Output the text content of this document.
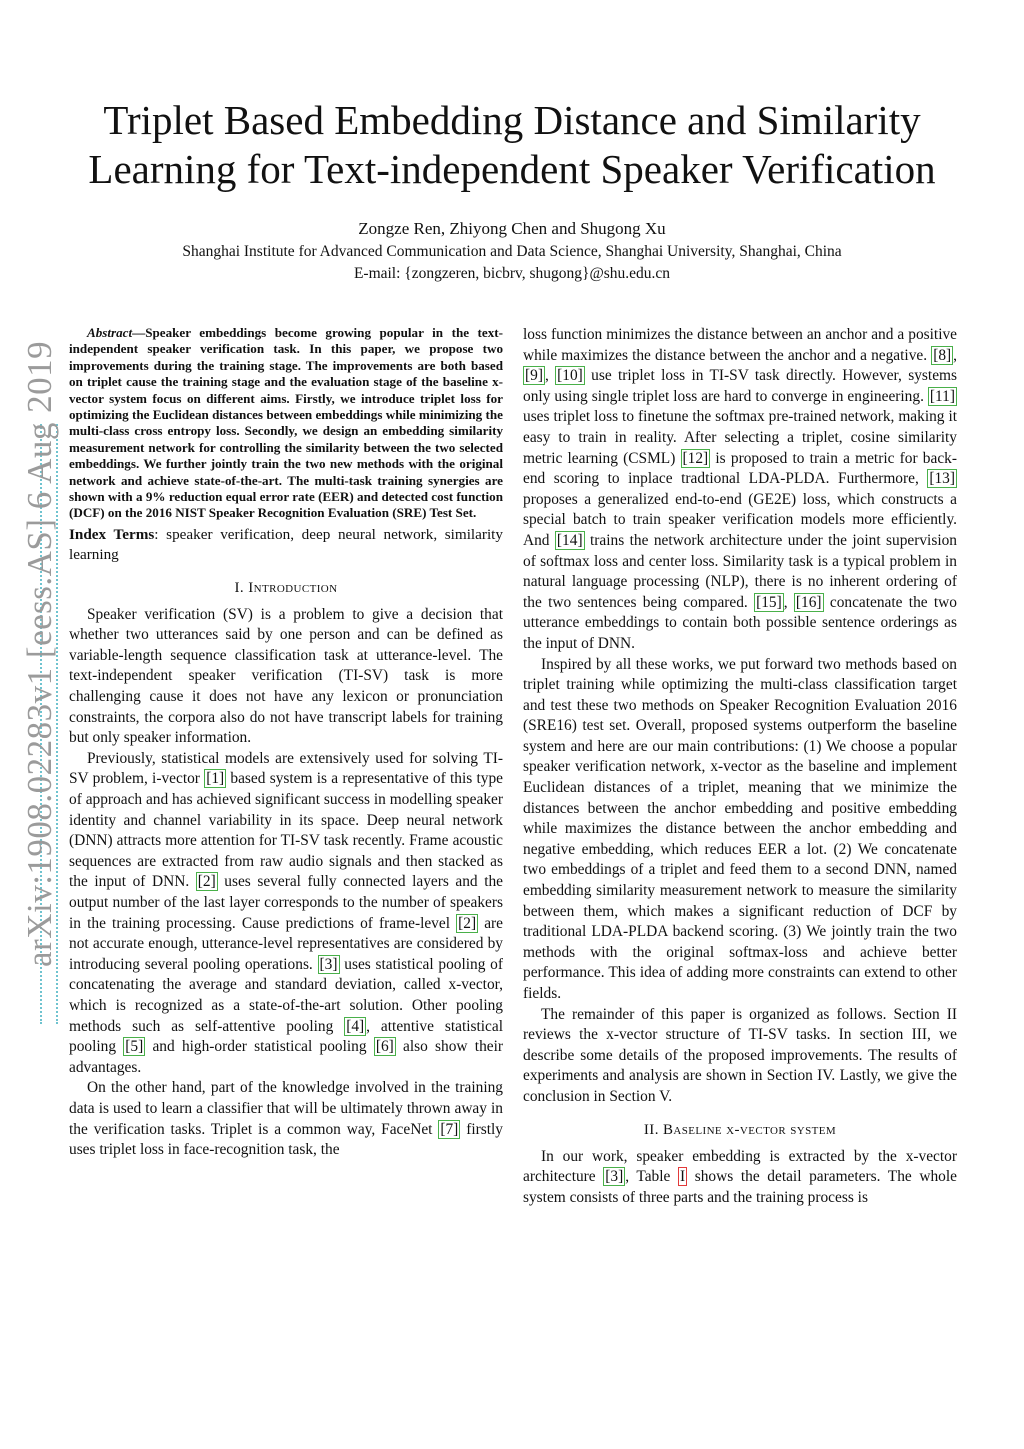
arXiv:1908.02283v1 [eess.AS] 6 Aug 2019
Triplet Based Embedding Distance and Similarity
Learning for Text-independent Speaker Verification
Zongze Ren, Zhiyong Chen and Shugong Xu
Shanghai Institute for Advanced Communication and Data Science, Shanghai University, Shanghai, China
E-mail: {zongzeren, bicbrv, shugong}@shu.edu.cn

Abstract—Speaker embeddings become growing popular in the text-independent speaker verification task. In this paper, we propose two improvements during the training stage. The improvements are both based on triplet cause the training stage and the evaluation stage of the baseline x-vector system focus on different aims. Firstly, we introduce triplet loss for optimizing the Euclidean distances between embeddings while minimizing the multi-class cross entropy loss. Secondly, we design an embedding similarity measurement network for controlling the similarity between the two selected embeddings. We further jointly train the two new methods with the original network and achieve state-of-the-art. The multi-task training synergies are shown with a 9% reduction equal error rate (EER) and detected cost function (DCF) on the 2016 NIST Speaker Recognition Evaluation (SRE) Test Set.

Index Terms: speaker verification, deep neural network, similarity learning

I. Introduction

Speaker verification (SV) is a problem to give a decision that whether two utterances said by one person and can be defined as variable-length sequence classification task at utterance-level. The text-independent speaker verification (TI-SV) task is more challenging cause it does not have any lexicon or pronunciation constraints, the corpora also do not have transcript labels for training but only speaker information.

Previously, statistical models are extensively used for solving TI-SV problem, i-vector [1] based system is a representative of this type of approach and has achieved significant success in modelling speaker identity and channel variability in its space. Deep neural network (DNN) attracts more attention for TI-SV task recently. Frame acoustic sequences are extracted from raw audio signals and then stacked as the input of DNN. [2] uses several fully connected layers and the output number of the last layer corresponds to the number of speakers in the training processing. Cause predictions of frame-level [2] are not accurate enough, utterance-level representatives are considered by introducing several pooling operations. [3] uses statistical pooling of concatenating the average and standard deviation, called x-vector, which is recognized as a state-of-the-art solution. Other pooling methods such as self-attentive pooling [4] , attentive statistical pooling [5] and high-order statistical pooling [6] also show their advantages.

On the other hand, part of the knowledge involved in the training data is used to learn a classifier that will be ultimately thrown away in the verification tasks. Triplet is a common way, FaceNet [7] firstly uses triplet loss in face-recognition task, the

loss function minimizes the distance between an anchor and a positive while maximizes the distance between the anchor and a negative. [8] , [9] , [10] use triplet loss in TI-SV task directly. However, systems only using single triplet loss are hard to converge in engineering. [11] uses triplet loss to finetune the softmax pre-trained network, making it easy to train in reality. After selecting a triplet, cosine similarity metric learning (CSML) [12] is proposed to train a metric for back-end scoring to inplace tradtional LDA-PLDA. Furthermore, [13] proposes a generalized end-to-end (GE2E) loss, which constructs a special batch to train speaker verification models more efficiently. And [14] trains the network architecture under the joint supervision of softmax loss and center loss. Similarity task is a typical problem in natural language processing (NLP), there is no inherent ordering of the two sentences being compared. [15] , [16] concatenate the two utterance embeddings to contain both possible sentence orderings as the input of DNN.

Inspired by all these works, we put forward two methods based on triplet training while optimizing the multi-class classification target and test these two methods on Speaker Recognition Evaluation 2016 (SRE16) test set. Overall, proposed systems outperform the baseline system and here are our main contributions: (1) We choose a popular speaker verification network, x-vector as the baseline and implement Euclidean distances of a triplet, meaning that we minimize the distances between the anchor embedding and positive embedding while maximizes the distance between the anchor embedding and negative embedding, which reduces EER a lot. (2) We concatenate two embeddings of a triplet and feed them to a second DNN, named embedding similarity measurement network to measure the similarity between them, which makes a significant reduction of DCF by traditional LDA-PLDA backend scoring. (3) We jointly train the two methods with the original softmax-loss and achieve better performance. This idea of adding more constraints can extend to other fields.

The remainder of this paper is organized as follows. Section II reviews the x-vector structure of TI-SV tasks. In section III, we describe some details of the proposed improvements. The results of experiments and analysis are shown in Section IV. Lastly, we give the conclusion in Section V.

II. Baseline x-vector system

In our work, speaker embedding is extracted by the x-vector architecture [3] , Table I shows the detail parameters. The whole system consists of three parts and the training process is
